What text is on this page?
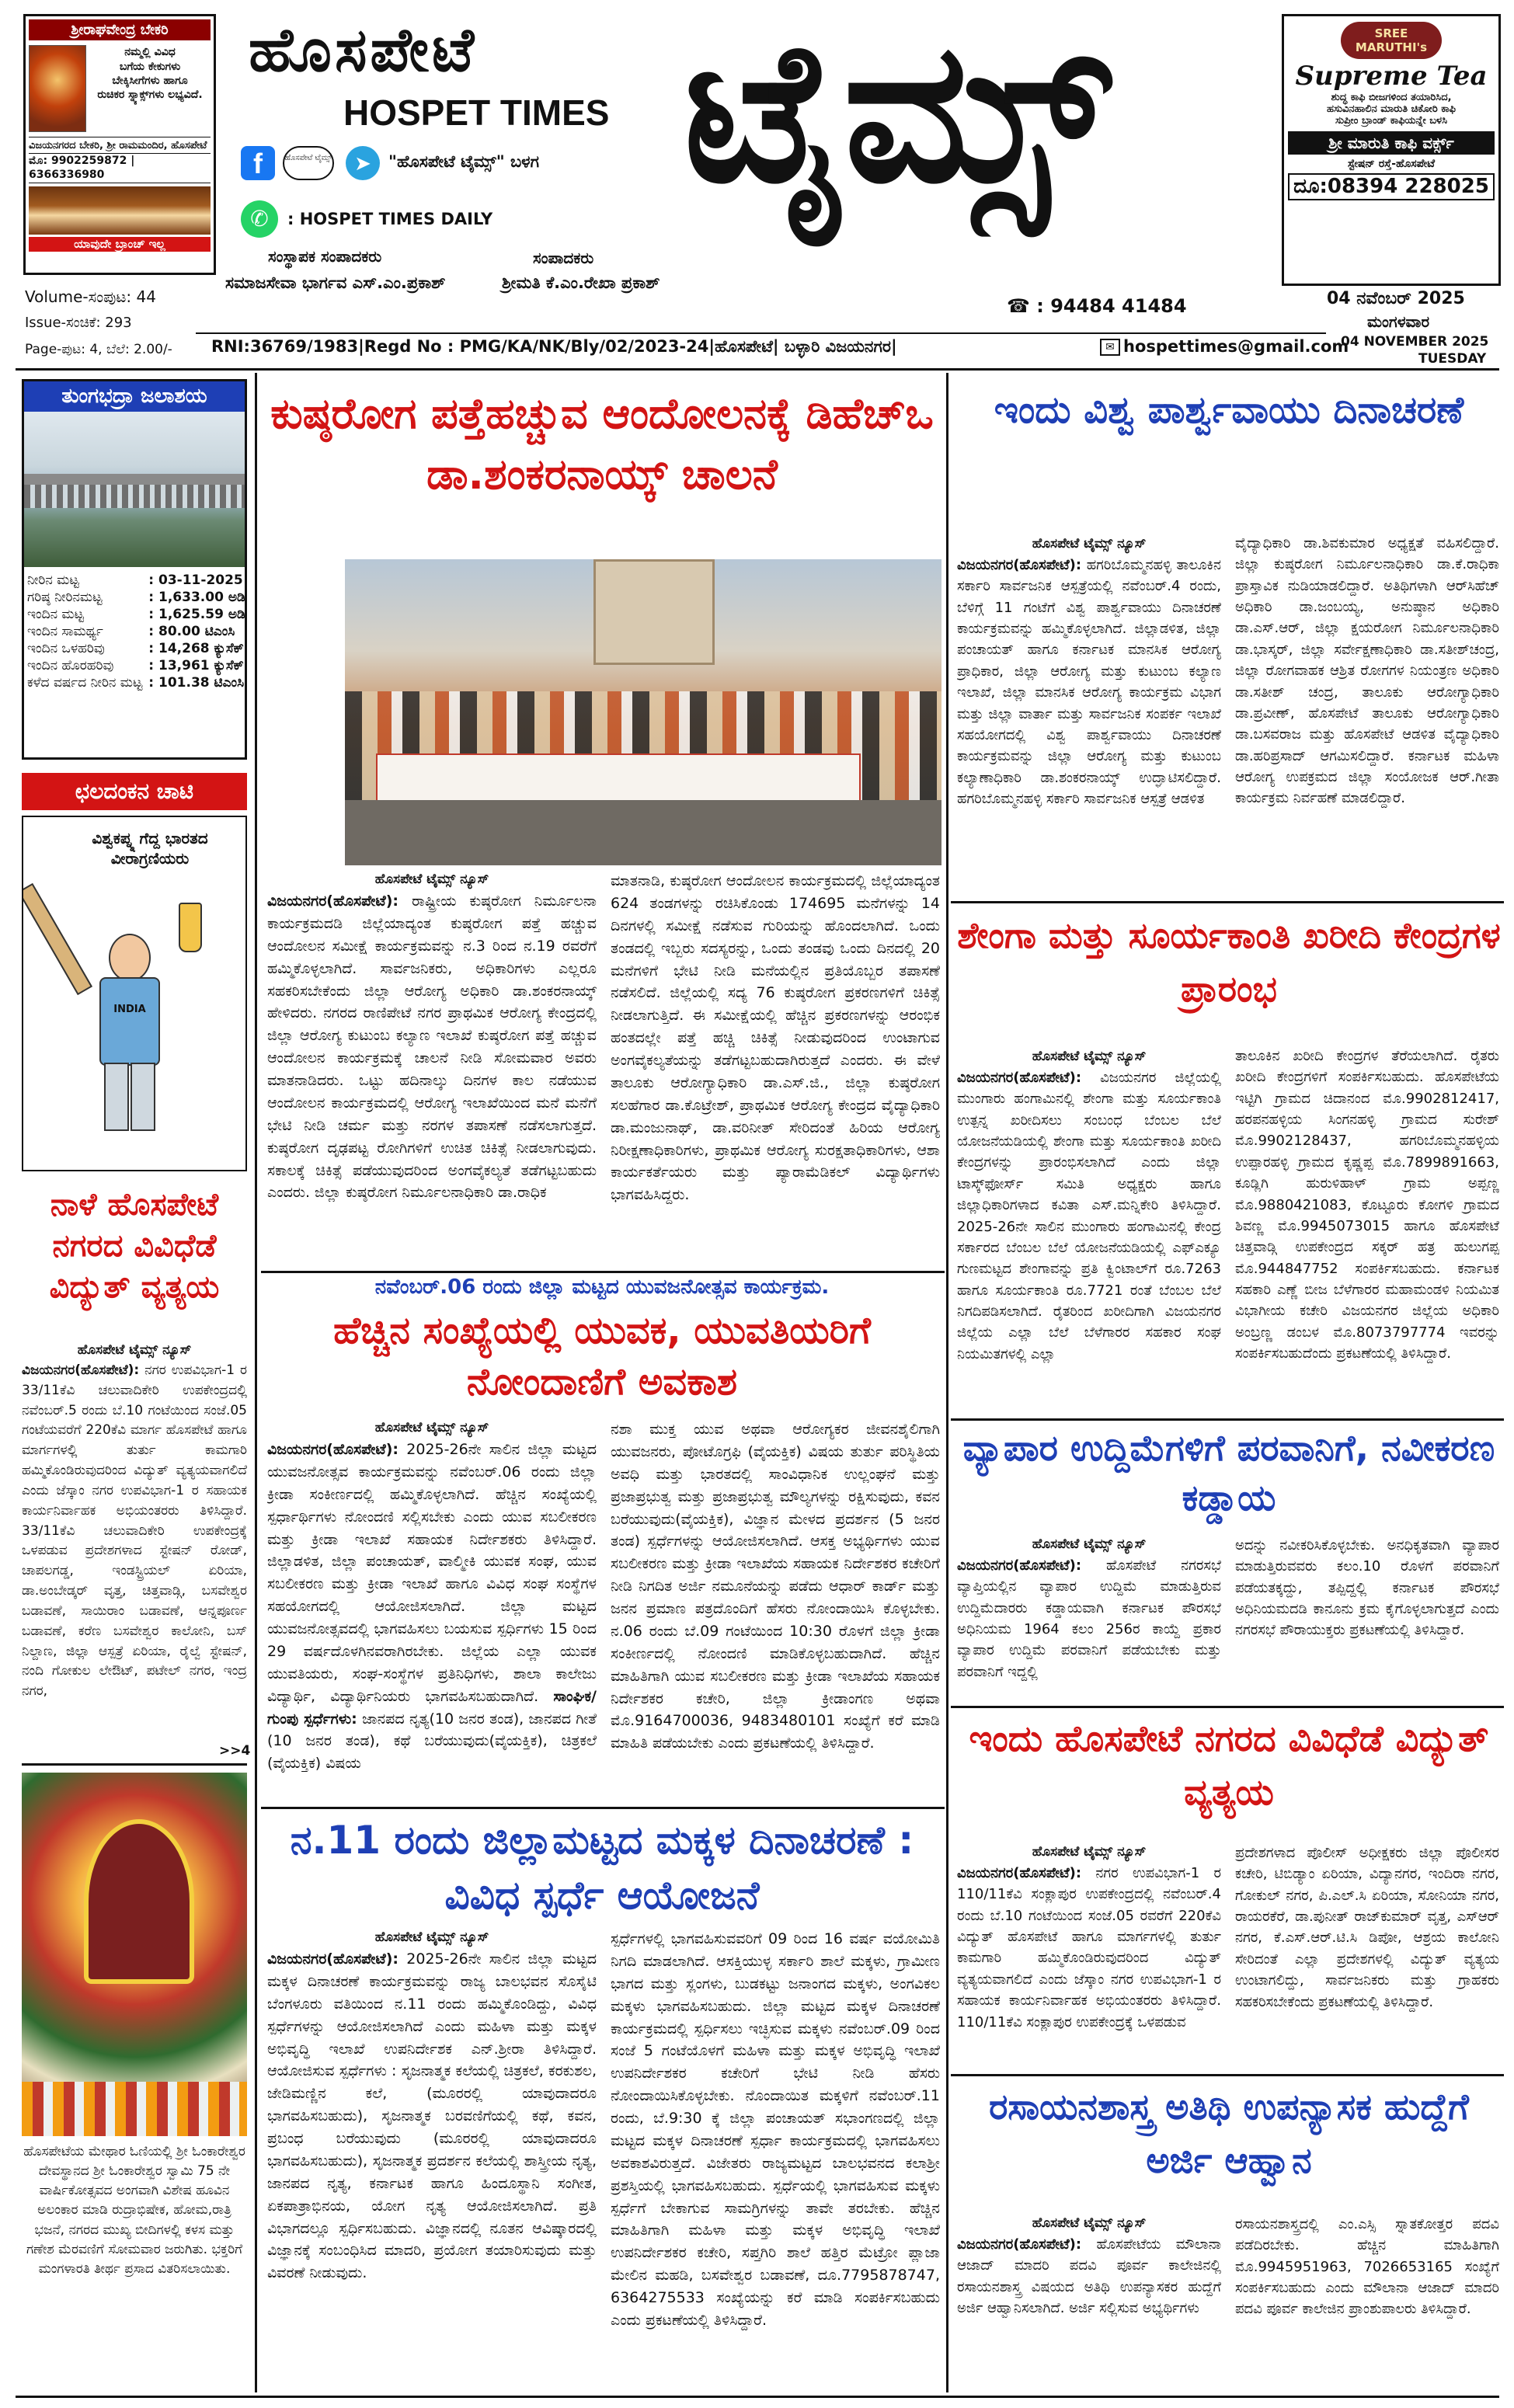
ಶ್ರೀರಾಘವೇಂದ್ರ ಬೇಕರಿ
ನಮ್ಮಲ್ಲಿ ವಿವಿಧ
ಬಗೆಯ ಕೇಕುಗಳು
ಬೇಕ್ಕಿಸೀಗೆಗಳು ಹಾಗೂ
ರುಚಿಕರ ಸ್ನ್ಯಾಕ್ಸ್‌ಗಳು ಲಭ್ಯವಿದೆ.
ವಿಜಯನಗರದ ಬೇಕರಿ, ಶ್ರೀ ರಾಮಮಂದಿರ, ಹೊಸಪೇಟೆ
ಮೊ: 9902259872 | 6366336980
ಯಾವುದೇ ಬ್ರಾಂಚ್ ಇಲ್ಲ
ಹೊಸಪೇಟೆ
HOSPET TIMES ಟೈಮ್ಸ್
f	ಹೊಸಪೇಟೆ ಟೈಮ್ಸ್	➤	"ಹೊಸಪೇಟೆ ಟೈಮ್ಸ್" ಬಳಗ
✆	: HOSPET TIMES DAILY
ಸಂಸ್ಥಾಪಕ ಸಂಪಾದಕರು	ಸಂಪಾದಕರು
ಸಮಾಜಸೇವಾ ಭಾರ್ಗವ ಎಸ್.ಎಂ.ಪ್ರಕಾಶ್	ಶ್ರೀಮತಿ ಕೆ.ಎಂ.ರೇಖಾ ಪ್ರಕಾಶ್
☎ : 94484 41484
SREE MARUTHI's
Supreme Tea
ಶುದ್ಧ ಕಾಫಿ ಬೀಜಗಳಿಂದ ತಯಾರಿಸಿದ,
ಹಸುವಿನಹಾಲಿನ ಮಾರುತಿ ಚಿಕೋರಿ ಕಾಫಿ
ಸುಪ್ರೀಂ ಬ್ರಾಂಡ್ ಕಾಫಿಯನ್ನೇ ಬಳಸಿ
ಶ್ರೀ ಮಾರುತಿ ಕಾಫಿ ವರ್ಕ್ಸ್
ಸ್ಟೇಷನ್ ರಸ್ತೆ-ಹೊಸಪೇಟೆ
ದೂ:08394 228025
04 ನವೆಂಬರ್ 2025
ಮಂಗಳವಾರ
Volume-ಸಂಪುಟ: 44
Issue-ಸಂಚಿಕೆ: 293
Page-ಪುಟ: 4, ಬೆಲೆ: 2.00/- RNI:36769/1983|Regd No : PMG/KA/NK/Bly/02/2023-24|ಹೊಸಪೇಟೆ| ಬಳ್ಳಾರಿ ವಿಜಯನಗರ|	✉ hospettimes@gmail.com
04 NOVEMBER 2025
TUESDAY
ತುಂಗಭದ್ರಾ ಜಲಾಶಯ
ನೀರಿನ ಮಟ್ಟ	: 03-11-2025
ಗರಿಷ್ಠ ನೀರಿನಮಟ್ಟ	: 1,633.00 ಅಡಿ
ಇಂದಿನ ಮಟ್ಟ	: 1,625.59 ಅಡಿ
ಇಂದಿನ ಸಾಮರ್ಥ್ಯ	: 80.00 ಟಿಎಂಸಿ
ಇಂದಿನ ಒಳಹರಿವು	: 14,268 ಕ್ಯುಸೆಕ್
ಇಂದಿನ ಹೊರಹರಿವು	: 13,961 ಕ್ಯುಸೆಕ್
ಕಳೆದ ವರ್ಷದ ನೀರಿನ ಮಟ್ಟ	: 101.38 ಟಿಎಂಸಿ
ಛಲದಂಕನ ಚಾಟಿ
ವಿಶ್ವಕಪ್ನ್ನ ಗೆದ್ದ ಭಾರತದ ವೀರಾಗ್ರಣಿಯರು
INDIA
ನಾಳೆ ಹೊಸಪೇಟೆ ನಗರದ ವಿವಿಧೆಡೆ ವಿದ್ಯುತ್ ವ್ಯತ್ಯಯ
ಹೊಸಪೇಟೆ ಟೈಮ್ಸ್ ನ್ಯೂಸ್
ವಿಜಯನಗರ(ಹೊಸಪೇಟೆ): ನಗರ ಉಪವಿಭಾಗ-1 ರ 33/11ಕೆವಿ ಚಲುವಾದಿಕೇರಿ ಉಪಕೇಂದ್ರದಲ್ಲಿ ನವೆಂಬರ್.5 ರಂದು ಬೆ.10 ಗಂಟೆಯಿಂದ ಸಂಜೆ.05 ಗಂಟೆಯವರೆಗೆ 220ಕೆವಿ ಮಾರ್ಗ ಹೊಸಪೇಟೆ ಹಾಗೂ ಮಾರ್ಗಗಳಲ್ಲಿ ತುರ್ತು ಕಾಮಗಾರಿ ಹಮ್ಮಿಕೊಂಡಿರುವುದರಿಂದ ವಿದ್ಯುತ್ ವ್ಯತ್ಯಯವಾಗಲಿದೆ ಎಂದು ಜೆಸ್ಕಾಂ ನಗರ ಉಪವಿಭಾಗ-1 ರ ಸಹಾಯಕ ಕಾರ್ಯನಿರ್ವಾಹಕ ಅಭಿಯಂತರರು ತಿಳಿಸಿದ್ದಾರೆ. 33/11ಕೆವಿ ಚಲುವಾದಿಕೇರಿ ಉಪಕೇಂದ್ರಕ್ಕೆ ಒಳಪಡುವ ಪ್ರದೇಶಗಳಾದ ಸ್ಟೇಷನ್ ರೋಡ್, ಚಾಪಲಗಡ್ಡ, ಇಂಡಸ್ಟ್ರಿಯಲ್ ಏರಿಯಾ, ಡಾ.ಅಂಬೇಡ್ಕರ್ ವೃತ್ತ, ಚಿತ್ತವಾಡ್ಗಿ, ಬಸವೇಶ್ವರ ಬಡಾವಣೆ, ಸಾಯಿರಾಂ ಬಡಾವಣೆ, ಆನ್ನಪೂರ್ಣ ಬಡಾವಣೆ, ಕರೆಣ ಬಸವೇಶ್ವರ ಕಾಲೋನಿ, ಬಸ್ ನಿಲ್ದಾಣ, ಜಿಲ್ಲಾ ಆಸ್ಪತ್ರೆ ಏರಿಯಾ, ರೈಲ್ವೆ ಸ್ಟೇಷನ್, ನಂದಿ ಗೋಕುಲ ಲೇಔಟ್, ಪಟೇಲ್ ನಗರ, ಇಂದ್ರ ನಗರ,
>>4
ಹೊಸಪೇಟೆಯ ಮೇಥಾರ ಓಣಿಯಲ್ಲಿ ಶ್ರೀ ಓಂಕಾರೇಶ್ವರ ದೇವಸ್ಥಾನದ ಶ್ರೀ ಓಂಕಾರೇಶ್ವರ ಸ್ವಾಮಿ 75 ನೇ ವಾರ್ಷಿಕೋತ್ಸವದ ಅಂಗವಾಗಿ ವಿಶೇಷ ಹೂವಿನ ಅಲಂಕಾರ ಮಾಡಿ ರುದ್ರಾಭಿಷೇಕ, ಹೋಮ,ರಾತ್ರಿ ಭಜನೆ, ನಗರದ ಮುಖ್ಯ ಬೀದಿಗಳಲ್ಲಿ ಕಳಸ ಮತ್ತು ಗಣೇಶ ಮೆರವಣಿಗೆ ಸೋಮವಾರ ಜರುಗಿತು. ಭಕ್ತರಿಗೆ ಮಂಗಳಾರತಿ ತೀರ್ಥ ಪ್ರಸಾದ ವಿತರಿಸಲಾಯಿತು.
ಕುಷ್ಠರೋಗ ಪತ್ತೆಹಚ್ಚುವ ಆಂದೋಲನಕ್ಕೆ ಡಿಹೆಚ್ಒ ಡಾ.ಶಂಕರನಾಯ್ಕ್ ಚಾಲನೆ
ಹೊಸಪೇಟೆ ಟೈಮ್ಸ್ ನ್ಯೂಸ್
ವಿಜಯನಗರ(ಹೊಸಪೇಟೆ): ರಾಷ್ಟ್ರೀಯ ಕುಷ್ಠರೋಗ ನಿರ್ಮೂಲನಾ ಕಾರ್ಯಕ್ರಮದಡಿ ಜಿಲ್ಲೆಯಾದ್ಯಂತ ಕುಷ್ಠರೋಗ ಪತ್ತೆ ಹಚ್ಚುವ ಆಂದೋಲನ ಸಮೀಕ್ಷೆ ಕಾರ್ಯಕ್ರಮವನ್ನು ನ.3 ರಿಂದ ನ.19 ರವರೆಗೆ ಹಮ್ಮಿಕೊಳ್ಳಲಾಗಿದೆ. ಸಾರ್ವಜನಿಕರು, ಅಧಿಕಾರಿಗಳು ಎಲ್ಲರೂ ಸಹಕರಿಸಬೇಕೆಂದು ಜಿಲ್ಲಾ ಆರೋಗ್ಯ ಅಧಿಕಾರಿ ಡಾ.ಶಂಕರನಾಯ್ಕ್ ಹೇಳಿದರು. ನಗರದ ರಾಣಿಪೇಟೆ ನಗರ ಪ್ರಾಥಮಿಕ ಆರೋಗ್ಯ ಕೇಂದ್ರದಲ್ಲಿ ಜಿಲ್ಲಾ ಆರೋಗ್ಯ ಕುಟುಂಬ ಕಲ್ಯಾಣ ಇಲಾಖೆ ಕುಷ್ಠರೋಗ ಪತ್ತೆ ಹಚ್ಚುವ ಆಂದೋಲನ ಕಾರ್ಯಕ್ರಮಕ್ಕೆ ಚಾಲನೆ ನೀಡಿ ಸೋಮವಾರ ಅವರು ಮಾತನಾಡಿದರು. ಒಟ್ಟು ಹದಿನಾಲ್ಕು ದಿನಗಳ ಕಾಲ ನಡೆಯುವ ಆಂದೋಲನ ಕಾರ್ಯಕ್ರಮದಲ್ಲಿ ಆರೋಗ್ಯ ಇಲಾಖೆಯಿಂದ ಮನೆ ಮನೆಗೆ ಭೇಟಿ ನೀಡಿ ಚರ್ಮ ಮತ್ತು ನರಗಳ ತಪಾಸಣೆ ನಡೆಸಲಾಗುತ್ತದೆ. ಕುಷ್ಠರೋಗ ದೃಢಪಟ್ಟ ರೋಗಿಗಳಿಗೆ ಉಚಿತ ಚಿಕಿತ್ಸೆ ನೀಡಲಾಗುವುದು. ಸಕಾಲಕ್ಕೆ ಚಿಕಿತ್ಸೆ ಪಡೆಯುವುದರಿಂದ ಅಂಗವೈಕಲ್ಯತೆ ತಡೆಗಟ್ಟಬಹುದು ಎಂದರು. ಜಿಲ್ಲಾ ಕುಷ್ಠರೋಗ ನಿರ್ಮೂಲನಾಧಿಕಾರಿ ಡಾ.ರಾಧಿಕ
ಮಾತನಾಡಿ, ಕುಷ್ಠರೋಗ ಆಂದೋಲನ ಕಾರ್ಯಕ್ರಮದಲ್ಲಿ ಜಿಲ್ಲೆಯಾದ್ಯಂತ 624 ತಂಡಗಳನ್ನು ರಚಿಸಿಕೊಂಡು 174695 ಮನೆಗಳನ್ನು 14 ದಿನಗಳಲ್ಲಿ ಸಮೀಕ್ಷೆ ನಡೆಸುವ ಗುರಿಯನ್ನು ಹೊಂದಲಾಗಿದೆ. ಒಂದು ತಂಡದಲ್ಲಿ ಇಬ್ಬರು ಸದಸ್ಯರನ್ನು, ಒಂದು ತಂಡವು ಒಂದು ದಿನದಲ್ಲಿ 20 ಮನೆಗಳಿಗೆ ಭೇಟಿ ನೀಡಿ ಮನೆಯಲ್ಲಿನ ಪ್ರತಿಯೊಬ್ಬರ ತಪಾಸಣೆ ನಡೆಸಲಿದೆ. ಜಿಲ್ಲೆಯಲ್ಲಿ ಸದ್ಯ 76 ಕುಷ್ಠರೋಗ ಪ್ರಕರಣಗಳಿಗೆ ಚಿಕಿತ್ಸೆ ನೀಡಲಾಗುತ್ತಿದೆ. ಈ ಸಮೀಕ್ಷೆಯಲ್ಲಿ ಹೆಚ್ಚಿನ ಪ್ರಕರಣಗಳನ್ನು ಆರಂಭಿಕ ಹಂತದಲ್ಲೇ ಪತ್ತೆ ಹಚ್ಚಿ ಚಿಕಿತ್ಸೆ ನೀಡುವುದರಿಂದ ಉಂಟಾಗುವ ಅಂಗವೈಕಲ್ಯತೆಯನ್ನು ತಡೆಗಟ್ಟಬಹುದಾಗಿರುತ್ತದೆ ಎಂದರು. ಈ ವೇಳೆ ತಾಲೂಕು ಆರೋಗ್ಯಾಧಿಕಾರಿ ಡಾ.ಎಸ್.ಜಿ., ಜಿಲ್ಲಾ ಕುಷ್ಠರೋಗ ಸಲಹೆಗಾರ ಡಾ.ಕೊಟ್ರೇಶ್, ಪ್ರಾಥಮಿಕ ಆರೋಗ್ಯ ಕೇಂದ್ರದ ವೈದ್ಯಾಧಿಕಾರಿ ಡಾ.ಮಂಜುನಾಥ್, ಡಾ.ವರಿನೀತ್ ಸೇರಿದಂತೆ ಹಿರಿಯ ಆರೋಗ್ಯ ನಿರೀಕ್ಷಣಾಧಿಕಾರಿಗಳು, ಪ್ರಾಥಮಿಕ ಆರೋಗ್ಯ ಸುರಕ್ಷತಾಧಿಕಾರಿಗಳು, ಆಶಾ ಕಾರ್ಯಕರ್ತೆಯರು ಮತ್ತು ಪ್ಯಾರಾಮೆಡಿಕಲ್ ವಿದ್ಯಾರ್ಥಿಗಳು ಭಾಗವಹಿಸಿದ್ದರು.
ನವೆಂಬರ್.06 ರಂದು ಜಿಲ್ಲಾ ಮಟ್ಟದ ಯುವಜನೋತ್ಸವ ಕಾರ್ಯಕ್ರಮ.
ಹೆಚ್ಚಿನ ಸಂಖ್ಯೆಯಲ್ಲಿ ಯುವಕ, ಯುವತಿಯರಿಗೆ ನೋಂದಾಣಿಗೆ ಅವಕಾಶ
ಹೊಸಪೇಟೆ ಟೈಮ್ಸ್ ನ್ಯೂಸ್
ವಿಜಯನಗರ(ಹೊಸಪೇಟೆ): 2025-26ನೇ ಸಾಲಿನ ಜಿಲ್ಲಾ ಮಟ್ಟದ ಯುವಜನೋತ್ಸವ ಕಾರ್ಯಕ್ರಮವನ್ನು ನವೆಂಬರ್.06 ರಂದು ಜಿಲ್ಲಾ ಕ್ರೀಡಾ ಸಂಕೀರ್ಣದಲ್ಲಿ ಹಮ್ಮಿಕೊಳ್ಳಲಾಗಿದೆ. ಹೆಚ್ಚಿನ ಸಂಖ್ಯೆಯಲ್ಲಿ ಸ್ಪರ್ಧಾರ್ಥಿಗಳು ನೋಂದಣಿ ಸಲ್ಲಿಸಬೇಕು ಎಂದು ಯುವ ಸಬಲೀಕರಣ ಮತ್ತು ಕ್ರೀಡಾ ಇಲಾಖೆ ಸಹಾಯಕ ನಿರ್ದೇಶಕರು ತಿಳಿಸಿದ್ದಾರೆ. ಜಿಲ್ಲಾಡಳಿತ, ಜಿಲ್ಲಾ ಪಂಚಾಯತ್, ವಾಲ್ಮೀಕಿ ಯುವಕ ಸಂಘ, ಯುವ ಸಬಲೀಕರಣ ಮತ್ತು ಕ್ರೀಡಾ ಇಲಾಖೆ ಹಾಗೂ ವಿವಿಧ ಸಂಘ ಸಂಸ್ಥೆಗಳ ಸಹಯೋಗದಲ್ಲಿ ಆಯೋಜಿಸಲಾಗಿದೆ. ಜಿಲ್ಲಾ ಮಟ್ಟದ ಯುವಜನೋತ್ಸವದಲ್ಲಿ ಭಾಗವಹಿಸಲು ಬಯಸುವ ಸ್ಪರ್ಧಿಗಳು 15 ರಿಂದ 29 ವರ್ಷದೊಳಗಿನವರಾಗಿರಬೇಕು. ಜಿಲ್ಲೆಯ ಎಲ್ಲಾ ಯುವಕ ಯುವತಿಯರು, ಸಂಘ-ಸಂಸ್ಥೆಗಳ ಪ್ರತಿನಿಧಿಗಳು, ಶಾಲಾ ಕಾಲೇಜು ವಿದ್ಯಾರ್ಥಿ, ವಿದ್ಯಾರ್ಥಿನಿಯರು ಭಾಗವಹಿಸಬಹುದಾಗಿದೆ. ಸಾಂಘಿಕ/ಗುಂಪು ಸ್ಪರ್ಧೆಗಳು: ಜಾನಪದ ನೃತ್ಯ(10 ಜನರ ತಂಡ), ಜಾನಪದ ಗೀತೆ (10 ಜನರ ತಂಡ), ಕಥೆ ಬರೆಯುವುದು(ವೈಯಕ್ತಿಕ), ಚಿತ್ರಕಲೆ (ವೈಯಕ್ತಿಕ) ವಿಷಯ
ನಶಾ ಮುಕ್ತ ಯುವ ಅಥವಾ ಆರೋಗ್ಯಕರ ಜೀವನಶೈಲಿಗಾಗಿ ಯುವಜನರು, ಪೋಟೊಗ್ರಫಿ (ವೈಯಕ್ತಿಕ) ವಿಷಯ ತುರ್ತು ಪರಿಸ್ಥಿತಿಯ ಅವಧಿ ಮತ್ತು ಭಾರತದಲ್ಲಿ ಸಾಂವಿಧಾನಿಕ ಉಲ್ಲಂಘನೆ ಮತ್ತು ಪ್ರಜಾಪ್ರಭುತ್ವ ಮತ್ತು ಪ್ರಜಾಪ್ರಭುತ್ವ ಮೌಲ್ಯಗಳನ್ನು ರಕ್ಷಿಸುವುದು, ಕವನ ಬರೆಯುವುದು(ವೈಯಕ್ತಿಕ), ವಿಜ್ಞಾನ ಮೇಳದ ಪ್ರದರ್ಶನ (5 ಜನರ ತಂಡ) ಸ್ಪರ್ಧೆಗಳನ್ನು ಆಯೋಜಿಸಲಾಗಿದೆ. ಆಸಕ್ತ ಅಭ್ಯರ್ಥಿಗಳು ಯುವ ಸಬಲೀಕರಣ ಮತ್ತು ಕ್ರೀಡಾ ಇಲಾಖೆಯ ಸಹಾಯಕ ನಿರ್ದೇಶಕರ ಕಚೇರಿಗೆ ನೀಡಿ ನಿಗದಿತ ಅರ್ಜಿ ನಮೂನೆಯನ್ನು ಪಡೆದು ಆಧಾರ್ ಕಾರ್ಡ್ ಮತ್ತು ಜನನ ಪ್ರಮಾಣ ಪತ್ರದೊಂದಿಗೆ ಹೆಸರು ನೋಂದಾಯಿಸಿ ಕೊಳ್ಳಬೇಕು. ನ.06 ರಂದು ಬೆ.09 ಗಂಟೆಯಿಂದ 10:30 ರೊಳಗೆ ಜಿಲ್ಲಾ ಕ್ರೀಡಾ ಸಂಕೀರ್ಣದಲ್ಲಿ ನೋಂದಣಿ ಮಾಡಿಕೊಳ್ಳಬಹುದಾಗಿದೆ. ಹೆಚ್ಚಿನ ಮಾಹಿತಿಗಾಗಿ ಯುವ ಸಬಲೀಕರಣ ಮತ್ತು ಕ್ರೀಡಾ ಇಲಾಖೆಯ ಸಹಾಯಕ ನಿರ್ದೇಶಕರ ಕಚೇರಿ, ಜಿಲ್ಲಾ ಕ್ರೀಡಾಂಗಣ ಅಥವಾ ಮೊ.9164700036, 9483480101 ಸಂಖ್ಯೆಗೆ ಕರೆ ಮಾಡಿ ಮಾಹಿತಿ ಪಡೆಯಬೇಕು ಎಂದು ಪ್ರಕಟಣೆಯಲ್ಲಿ ತಿಳಿಸಿದ್ದಾರೆ.
ನ.11 ರಂದು ಜಿಲ್ಲಾಮಟ್ಟದ ಮಕ್ಕಳ ದಿನಾಚರಣೆ : ವಿವಿಧ ಸ್ಪರ್ಧೆ ಆಯೋಜನೆ
ಹೊಸಪೇಟೆ ಟೈಮ್ಸ್ ನ್ಯೂಸ್
ವಿಜಯನಗರ(ಹೊಸಪೇಟೆ): 2025-26ನೇ ಸಾಲಿನ ಜಿಲ್ಲಾ ಮಟ್ಟದ ಮಕ್ಕಳ ದಿನಾಚರಣೆ ಕಾರ್ಯಕ್ರಮವನ್ನು ರಾಜ್ಯ ಬಾಲಭವನ ಸೊಸೈಟಿ ಬೆಂಗಳೂರು ವತಿಯಿಂದ ನ.11 ರಂದು ಹಮ್ಮಿಕೊಂಡಿದ್ದು, ವಿವಿಧ ಸ್ಪರ್ಧೆಗಳನ್ನು ಆಯೋಜಿಸಲಾಗಿದೆ ಎಂದು ಮಹಿಳಾ ಮತ್ತು ಮಕ್ಕಳ ಅಭಿವೃದ್ಧಿ ಇಲಾಖೆ ಉಪನಿರ್ದೇಶಕ ಎನ್.ಶ್ರೀರಾ ತಿಳಿಸಿದ್ದಾರೆ. ಆಯೋಜಿಸುವ ಸ್ಪರ್ಧೆಗಳು : ಸೃಜನಾತ್ಮಕ ಕಲೆಯಲ್ಲಿ ಚಿತ್ರಕಲೆ, ಕರಕುಶಲ, ಜೇಡಿಮಣ್ಣಿನ ಕಲೆ, (ಮೂರರಲ್ಲಿ ಯಾವುದಾದರೂ ಭಾಗವಹಿಸಬಹುದು), ಸೃಜನಾತ್ಮಕ ಬರವಣಿಗೆಯಲ್ಲಿ ಕಥೆ, ಕವನ, ಪ್ರಬಂಧ ಬರೆಯುವುದು (ಮೂರರಲ್ಲಿ ಯಾವುದಾದರೂ ಭಾಗವಹಿಸಬಹುದು), ಸೃಜನಾತ್ಮಕ ಪ್ರದರ್ಶನ ಕಲೆಯಲ್ಲಿ ಶಾಸ್ತ್ರೀಯ ನೃತ್ಯ, ಜಾನಪದ ನೃತ್ಯ, ಕರ್ನಾಟಕ ಹಾಗೂ ಹಿಂದೂಸ್ಥಾನಿ ಸಂಗೀತ, ಏಕಪಾತ್ರಾಭಿನಯ, ಯೋಗ ನೃತ್ಯ ಆಯೋಜಿಸಲಾಗಿದೆ. ಪ್ರತಿ ವಿಭಾಗದಲ್ಲೂ ಸ್ಪರ್ಧಿಸಬಹುದು. ವಿಜ್ಞಾನದಲ್ಲಿ ನೂತನ ಆವಿಷ್ಕಾರದಲ್ಲಿ ವಿಜ್ಞಾನಕ್ಕೆ ಸಂಬಂಧಿಸಿದ ಮಾದರಿ, ಪ್ರಯೋಗ ತಯಾರಿಸುವುದು ಮತ್ತು ವಿವರಣೆ ನೀಡುವುದು.
ಸ್ಪರ್ಧೆಗಳಲ್ಲಿ ಭಾಗವಹಿಸುವವರಿಗೆ 09 ರಿಂದ 16 ವರ್ಷ ವಯೋಮಿತಿ ನಿಗದಿ ಮಾಡಲಾಗಿದೆ. ಆಸಕ್ತಿಯುಳ್ಳ ಸರ್ಕಾರಿ ಶಾಲೆ ಮಕ್ಕಳು, ಗ್ರಾಮೀಣ ಭಾಗದ ಮತ್ತು ಸ್ಲಂಗಳು, ಬುಡಕಟ್ಟು ಜನಾಂಗದ ಮಕ್ಕಳು, ಅಂಗವಿಕಲ ಮಕ್ಕಳು ಭಾಗವಹಿಸಬಹುದು. ಜಿಲ್ಲಾ ಮಟ್ಟದ ಮಕ್ಕಳ ದಿನಾಚರಣೆ ಕಾರ್ಯಕ್ರಮದಲ್ಲಿ ಸ್ಪರ್ಧಿಸಲು ಇಚ್ಛಿಸುವ ಮಕ್ಕಳು ನವೆಂಬರ್.09 ರಿಂದ ಸಂಜೆ 5 ಗಂಟೆಯೊಳಗೆ ಮಹಿಳಾ ಮತ್ತು ಮಕ್ಕಳ ಅಭಿವೃದ್ಧಿ ಇಲಾಖೆ ಉಪನಿರ್ದೇಶಕರ ಕಚೇರಿಗೆ ಭೇಟಿ ನೀಡಿ ಹೆಸರು ನೋಂದಾಯಿಸಿಕೊಳ್ಳಬೇಕು. ನೊಂದಾಯಿತ ಮಕ್ಕಳಿಗೆ ನವೆಂಬರ್.11 ರಂದು, ಬೆ.9:30 ಕ್ಕೆ ಜಿಲ್ಲಾ ಪಂಚಾಯತ್ ಸಭಾಂಗಣದಲ್ಲಿ ಜಿಲ್ಲಾ ಮಟ್ಟದ ಮಕ್ಕಳ ದಿನಾಚರಣೆ ಸ್ಪರ್ಧಾ ಕಾರ್ಯಕ್ರಮದಲ್ಲಿ ಭಾಗವಹಿಸಲು ಅವಕಾಶವಿರುತ್ತದೆ. ವಿಜೇತರು ರಾಜ್ಯಮಟ್ಟದ ಬಾಲಭವನದ ಕಲಾಶ್ರೀ ಪ್ರಶಸ್ತಿಯಲ್ಲಿ ಭಾಗವಹಿಸಬಹುದು. ಸ್ಪರ್ಧೆಯಲ್ಲಿ ಭಾಗವಹಿಸುವ ಮಕ್ಕಳು ಸ್ಪರ್ಧೆಗೆ ಬೇಕಾಗುವ ಸಾಮಗ್ರಿಗಳನ್ನು ತಾವೇ ತರಬೇಕು. ಹೆಚ್ಚಿನ ಮಾಹಿತಿಗಾಗಿ ಮಹಿಳಾ ಮತ್ತು ಮಕ್ಕಳ ಅಭಿವೃದ್ಧಿ ಇಲಾಖೆ ಉಪನಿರ್ದೇಶಕರ ಕಚೇರಿ, ಸಪ್ತಗಿರಿ ಶಾಲೆ ಹತ್ತಿರ ಮೆಟ್ರೋ ಪ್ಲಾಜಾ ಮೇಲಿನ ಮಹಡಿ, ಬಸವೇಶ್ವರ ಬಡಾವಣೆ, ದೂ.7795878747, 6364275533 ಸಂಖ್ಯೆಯನ್ನು ಕರೆ ಮಾಡಿ ಸಂಪರ್ಕಿಸಬಹುದು ಎಂದು ಪ್ರಕಟಣೆಯಲ್ಲಿ ತಿಳಿಸಿದ್ದಾರೆ.
ಇಂದು ವಿಶ್ವ ಪಾರ್ಶ್ವವಾಯು ದಿನಾಚರಣೆ
ಹೊಸಪೇಟೆ ಟೈಮ್ಸ್ ನ್ಯೂಸ್
ವಿಜಯನಗರ(ಹೊಸಪೇಟೆ): ಹಗರಿಬೊಮ್ಮನಹಳ್ಳಿ ತಾಲೂಕಿನ ಸರ್ಕಾರಿ ಸಾರ್ವಜನಿಕ ಆಸ್ಪತ್ರೆಯಲ್ಲಿ ನವೆಂಬರ್.4 ರಂದು, ಬೆಳಿಗ್ಗೆ 11 ಗಂಟೆಗೆ ವಿಶ್ವ ಪಾರ್ಶ್ವವಾಯು ದಿನಾಚರಣೆ ಕಾರ್ಯಕ್ರಮವನ್ನು ಹಮ್ಮಿಕೊಳ್ಳಲಾಗಿದೆ. ಜಿಲ್ಲಾಡಳಿತ, ಜಿಲ್ಲಾ ಪಂಚಾಯತ್ ಹಾಗೂ ಕರ್ನಾಟಕ ಮಾನಸಿಕ ಆರೋಗ್ಯ ಪ್ರಾಧಿಕಾರ, ಜಿಲ್ಲಾ ಆರೋಗ್ಯ ಮತ್ತು ಕುಟುಂಬ ಕಲ್ಯಾಣ ಇಲಾಖೆ, ಜಿಲ್ಲಾ ಮಾನಸಿಕ ಆರೋಗ್ಯ ಕಾರ್ಯಕ್ರಮ ವಿಭಾಗ ಮತ್ತು ಜಿಲ್ಲಾ ವಾರ್ತಾ ಮತ್ತು ಸಾರ್ವಜನಿಕ ಸಂಪರ್ಕ ಇಲಾಖೆ ಸಹಯೋಗದಲ್ಲಿ ವಿಶ್ವ ಪಾರ್ಶ್ವವಾಯು ದಿನಾಚರಣೆ ಕಾರ್ಯಕ್ರಮವನ್ನು ಜಿಲ್ಲಾ ಆರೋಗ್ಯ ಮತ್ತು ಕುಟುಂಬ ಕಲ್ಯಾಣಾಧಿಕಾರಿ ಡಾ.ಶಂಕರನಾಯ್ಕ್ ಉದ್ಘಾಟಿಸಲಿದ್ದಾರೆ. ಹಗರಿಬೊಮ್ಮನಹಳ್ಳಿ ಸರ್ಕಾರಿ ಸಾರ್ವಜನಿಕ ಆಸ್ಪತ್ರೆ ಆಡಳಿತ
ವೈದ್ಯಾಧಿಕಾರಿ ಡಾ.ಶಿವಕುಮಾರ ಅಧ್ಯಕ್ಷತೆ ವಹಿಸಲಿದ್ದಾರೆ. ಜಿಲ್ಲಾ ಕುಷ್ಠರೋಗ ನಿರ್ಮೂಲನಾಧಿಕಾರಿ ಡಾ.ಕೆ.ರಾಧಿಕಾ ಪ್ರಾಸ್ತಾವಿಕ ನುಡಿಯಾಡಲಿದ್ದಾರೆ. ಅತಿಥಿಗಳಾಗಿ ಆರ್‌ಸಿಹೆಚ್ ಅಧಿಕಾರಿ ಡಾ.ಜಂಬಯ್ಯ, ಅನುಷ್ಠಾನ ಅಧಿಕಾರಿ ಡಾ.ಎಸ್.ಆರ್, ಜಿಲ್ಲಾ ಕ್ಷಯರೋಗ ನಿರ್ಮೂಲನಾಧಿಕಾರಿ ಡಾ.ಭಾಸ್ಕರ್, ಜಿಲ್ಲಾ ಸರ್ವೇಕ್ಷಣಾಧಿಕಾರಿ ಡಾ.ಸತೀಶ್‌ಚಂದ್ರ, ಜಿಲ್ಲಾ ರೋಗವಾಹಕ ಆಶ್ರಿತ ರೋಗಗಳ ನಿಯಂತ್ರಣ ಅಧಿಕಾರಿ ಡಾ.ಸತೀಶ್ ಚಂದ್ರ, ತಾಲೂಕು ಆರೋಗ್ಯಾಧಿಕಾರಿ ಡಾ.ಪ್ರವೀಣ್, ಹೊಸಪೇಟೆ ತಾಲೂಕು ಆರೋಗ್ಯಾಧಿಕಾರಿ ಡಾ.ಬಸವರಾಜ ಮತ್ತು ಹೊಸಪೇಟೆ ಆಡಳಿತ ವೈದ್ಯಾಧಿಕಾರಿ ಡಾ.ಹರಿಪ್ರಸಾದ್ ಆಗಮಿಸಲಿದ್ದಾರೆ. ಕರ್ನಾಟಕ ಮಹಿಳಾ ಆರೋಗ್ಯ ಉಪಕ್ರಮದ ಜಿಲ್ಲಾ ಸಂಯೋಜಕ ಆರ್.ಗೀತಾ ಕಾರ್ಯಕ್ರಮ ನಿರ್ವಹಣೆ ಮಾಡಲಿದ್ದಾರೆ.
ಶೇಂಗಾ ಮತ್ತು ಸೂರ್ಯಕಾಂತಿ ಖರೀದಿ ಕೇಂದ್ರಗಳ ಪ್ರಾರಂಭ
ಹೊಸಪೇಟೆ ಟೈಮ್ಸ್ ನ್ಯೂಸ್
ವಿಜಯನಗರ(ಹೊಸಪೇಟೆ): ವಿಜಯನಗರ ಜಿಲ್ಲೆಯಲ್ಲಿ ಮುಂಗಾರು ಹಂಗಾಮಿನಲ್ಲಿ ಶೇಂಗಾ ಮತ್ತು ಸೂರ್ಯಕಾಂತಿ ಉತ್ಪನ್ನ ಖರೀದಿಸಲು ಸಂಬಂಧ ಬೆಂಬಲ ಬೆಲೆ ಯೋಜನೆಯಡಿಯಲ್ಲಿ ಶೇಂಗಾ ಮತ್ತು ಸೂರ್ಯಕಾಂತಿ ಖರೀದಿ ಕೇಂದ್ರಗಳನ್ನು ಪ್ರಾರಂಭಿಸಲಾಗಿದೆ ಎಂದು ಜಿಲ್ಲಾ ಟಾಸ್ಕ್‌ಫೋರ್ಸ್ ಸಮಿತಿ ಅಧ್ಯಕ್ಷರು ಹಾಗೂ ಜಿಲ್ಲಾಧಿಕಾರಿಗಳಾದ ಕವಿತಾ ಎಸ್.ಮನ್ನಿಕೇರಿ ತಿಳಿಸಿದ್ದಾರೆ. 2025-26ನೇ ಸಾಲಿನ ಮುಂಗಾರು ಹಂಗಾಮಿನಲ್ಲಿ ಕೇಂದ್ರ ಸರ್ಕಾರದ ಬೆಂಬಲ ಬೆಲೆ ಯೋಜನೆಯಡಿಯಲ್ಲಿ ಎಫ್ಎಕ್ಯೂ ಗುಣಮಟ್ಟದ ಶೇಂಗಾವನ್ನು ಪ್ರತಿ ಕ್ವಿಂಟಾಲ್‌ಗೆ ರೂ.7263 ಹಾಗೂ ಸೂರ್ಯಕಾಂತಿ ರೂ.7721 ರಂತೆ ಬೆಂಬಲ ಬೆಲೆ ನಿಗದಿಪಡಿಸಲಾಗಿದೆ. ರೈತರಿಂದ ಖರೀದಿಗಾಗಿ ವಿಜಯನಗರ ಜಿಲ್ಲೆಯ ಎಲ್ಲಾ ಬೆಲೆ ಬೆಳೆಗಾರರ ಸಹಕಾರ ಸಂಘ ನಿಯಮಿತಗಳಲ್ಲಿ ಎಲ್ಲಾ
ತಾಲೂಕಿನ ಖರೀದಿ ಕೇಂದ್ರಗಳ ತೆರೆಯಲಾಗಿದೆ. ರೈತರು ಖರೀದಿ ಕೇಂದ್ರಗಳಿಗೆ ಸಂಪರ್ಕಿಸಬಹುದು. ಹೊಸಪೇಟೆಯ ಇಟ್ಟಿಗಿ ಗ್ರಾಮದ ಚಿದಾನಂದ ಮೊ.9902812417, ಹರಪನಹಳ್ಳಿಯ ಸಿಂಗನಹಳ್ಳಿ ಗ್ರಾಮದ ಸುರೇಶ್ ಮೊ.9902128437, ಹಗರಿಬೊಮ್ಮನಹಳ್ಳಿಯ ಉಪ್ಪಾರಹಳ್ಳಿ ಗ್ರಾಮದ ಕೃಷ್ಣಪ್ಪ ಮೊ.7899891663, ಕೂಡ್ಲಿಗಿ ಹುರುಳಿಹಾಳ್ ಗ್ರಾಮ ಅಪ್ಪಣ್ಣ ಮೊ.9880421083, ಕೊಟ್ಟೂರು ಕೋಗಳಿ ಗ್ರಾಮದ ಶಿವಣ್ಣ ಮೊ.9945073015 ಹಾಗೂ ಹೊಸಪೇಟೆ ಚಿತ್ತವಾಡ್ಗಿ ಉಪಕೇಂದ್ರದ ಸಕ್ಕರ್ ಹತ್ರ ಹುಲುಗಪ್ಪ ಮೊ.944847752 ಸಂಪರ್ಕಿಸಬಹುದು. ಕರ್ನಾಟಕ ಸಹಕಾರಿ ಎಣ್ಣೆ ಬೀಜ ಬೆಳೆಗಾರರ ಮಹಾಮಂಡಳಿ ನಿಯಮಿತ ವಿಭಾಗೀಯ ಕಚೇರಿ ವಿಜಯನಗರ ಜಿಲ್ಲೆಯ ಅಧಿಕಾರಿ ಅಂಬ್ರಣ್ಣ ಡಂಬಳ ಮೊ.8073797774 ಇವರನ್ನು ಸಂಪರ್ಕಿಸಬಹುದೆಂದು ಪ್ರಕಟಣೆಯಲ್ಲಿ ತಿಳಿಸಿದ್ದಾರೆ.
ವ್ಯಾಪಾರ ಉದ್ದಿಮೆಗಳಿಗೆ ಪರವಾನಿಗೆ, ನವೀಕರಣ ಕಡ್ಡಾಯ
ಹೊಸಪೇಟೆ ಟೈಮ್ಸ್ ನ್ಯೂಸ್
ವಿಜಯನಗರ(ಹೊಸಪೇಟೆ): ಹೊಸಪೇಟೆ ನಗರಸಭೆ ವ್ಯಾಪ್ತಿಯಲ್ಲಿನ ವ್ಯಾಪಾರ ಉದ್ದಿಮೆ ಮಾಡುತ್ತಿರುವ ಉದ್ದಿಮೆದಾರರು ಕಡ್ಡಾಯವಾಗಿ ಕರ್ನಾಟಕ ಪೌರಸಭೆ ಅಧಿನಿಯಮ 1964 ಕಲಂ 256ರ ಕಾಯ್ದೆ ಪ್ರಕಾರ ವ್ಯಾಪಾರ ಉದ್ದಿಮೆ ಪರವಾನಿಗೆ ಪಡೆಯಬೇಕು ಮತ್ತು ಪರವಾನಿಗೆ ಇದ್ದಲ್ಲಿ
ಅದನ್ನು ನವೀಕರಿಸಿಕೊಳ್ಳಬೇಕು. ಅನಧಿಕೃತವಾಗಿ ವ್ಯಾಪಾರ ಮಾಡುತ್ತಿರುವವರು ಕಲಂ.10 ರೊಳಗೆ ಪರವಾನಿಗೆ ಪಡೆಯತಕ್ಕದ್ದು, ತಪ್ಪಿದ್ದಲ್ಲಿ ಕರ್ನಾಟಕ ಪೌರಸಭೆ ಅಧಿನಿಯಮದಡಿ ಕಾನೂನು ಕ್ರಮ ಕೈಗೊಳ್ಳಲಾಗುತ್ತದೆ ಎಂದು ನಗರಸಭೆ ಪೌರಾಯುಕ್ತರು ಪ್ರಕಟಣೆಯಲ್ಲಿ ತಿಳಿಸಿದ್ದಾರೆ.
ಇಂದು ಹೊಸಪೇಟೆ ನಗರದ ವಿವಿಧೆಡೆ ವಿದ್ಯುತ್ ವ್ಯತ್ಯಯ
ಹೊಸಪೇಟೆ ಟೈಮ್ಸ್ ನ್ಯೂಸ್
ವಿಜಯನಗರ(ಹೊಸಪೇಟೆ): ನಗರ ಉಪವಿಭಾಗ-1 ರ 110/11ಕೆವಿ ಸಂಕ್ಲಾಪುರ ಉಪಕೇಂದ್ರದಲ್ಲಿ ನವೆಂಬರ್.4 ರಂದು ಬೆ.10 ಗಂಟೆಯಿಂದ ಸಂಜೆ.05 ರವರೆಗೆ 220ಕೆವಿ ವಿದ್ಯುತ್ ಹೊಸಪೇಟೆ ಹಾಗೂ ಮಾರ್ಗಗಳಲ್ಲಿ ತುರ್ತು ಕಾಮಗಾರಿ ಹಮ್ಮಿಕೊಂಡಿರುವುದರಿಂದ ವಿದ್ಯುತ್ ವ್ಯತ್ಯಯವಾಗಲಿದೆ ಎಂದು ಜೆಸ್ಕಾಂ ನಗರ ಉಪವಿಭಾಗ-1 ರ ಸಹಾಯಕ ಕಾರ್ಯನಿರ್ವಾಹಕ ಅಭಿಯಂತರರು ತಿಳಿಸಿದ್ದಾರೆ. 110/11ಕೆವಿ ಸಂಕ್ಲಾಪುರ ಉಪಕೇಂದ್ರಕ್ಕೆ ಒಳಪಡುವ
ಪ್ರದೇಶಗಳಾದ ಪೊಲೀಸ್ ಅಧೀಕ್ಷಕರು ಜಿಲ್ಲಾ ಪೊಲೀಸರ ಕಚೇರಿ, ಟಿಬಿಡ್ಯಾಂ ಏರಿಯಾ, ವಿದ್ಯಾನಗರ, ಇಂದಿರಾ ನಗರ, ಗೋಕುಲ್ ನಗರ, ಪಿ.ಎಲ್.ಸಿ ಏರಿಯಾ, ಸೋನಿಯಾ ನಗರ, ರಾಯರಕೆರೆ, ಡಾ.ಪುನೀತ್ ರಾಜ್‌ಕುಮಾರ್ ವೃತ್ತ, ಎಸ್‌ಆರ್ ನಗರ, ಕೆ.ಎಸ್.ಆರ್.ಟಿ.ಸಿ ಡಿಪೋ, ಆಶ್ರಯ ಕಾಲೋನಿ ಸೇರಿದಂತೆ ಎಲ್ಲಾ ಪ್ರದೇಶಗಳಲ್ಲಿ ವಿದ್ಯುತ್ ವ್ಯತ್ಯಯ ಉಂಟಾಗಲಿದ್ದು, ಸಾರ್ವಜನಿಕರು ಮತ್ತು ಗ್ರಾಹಕರು ಸಹಕರಿಸಬೇಕೆಂದು ಪ್ರಕಟಣೆಯಲ್ಲಿ ತಿಳಿಸಿದ್ದಾರೆ.
ರಸಾಯನಶಾಸ್ತ್ರ ಅತಿಥಿ ಉಪನ್ಯಾಸಕ ಹುದ್ದೆಗೆ ಅರ್ಜಿ ಆಹ್ವಾನ
ಹೊಸಪೇಟೆ ಟೈಮ್ಸ್ ನ್ಯೂಸ್
ವಿಜಯನಗರ(ಹೊಸಪೇಟೆ): ಹೊಸಪೇಟೆಯ ಮೌಲಾನಾ ಆಜಾದ್ ಮಾದರಿ ಪದವಿ ಪೂರ್ವ ಕಾಲೇಜಿನಲ್ಲಿ ರಸಾಯನಶಾಸ್ತ್ರ ವಿಷಯದ ಅತಿಥಿ ಉಪನ್ಯಾಸಕರ ಹುದ್ದೆಗೆ ಅರ್ಜಿ ಆಹ್ವಾನಿಸಲಾಗಿದೆ. ಅರ್ಜಿ ಸಲ್ಲಿಸುವ ಅಭ್ಯರ್ಥಿಗಳು
ರಸಾಯನಶಾಸ್ತ್ರದಲ್ಲಿ ಎಂ.ಎಸ್ಸಿ ಸ್ನಾತಕೋತ್ತರ ಪದವಿ ಪಡೆದಿರಬೇಕು. ಹೆಚ್ಚಿನ ಮಾಹಿತಿಗಾಗಿ ಮೊ.9945951963, 7026653165 ಸಂಖ್ಯೆಗೆ ಸಂಪರ್ಕಿಸಬಹುದು ಎಂದು ಮೌಲಾನಾ ಆಜಾದ್ ಮಾದರಿ ಪದವಿ ಪೂರ್ವ ಕಾಲೇಜಿನ ಪ್ರಾಂಶುಪಾಲರು ತಿಳಿಸಿದ್ದಾರೆ.
